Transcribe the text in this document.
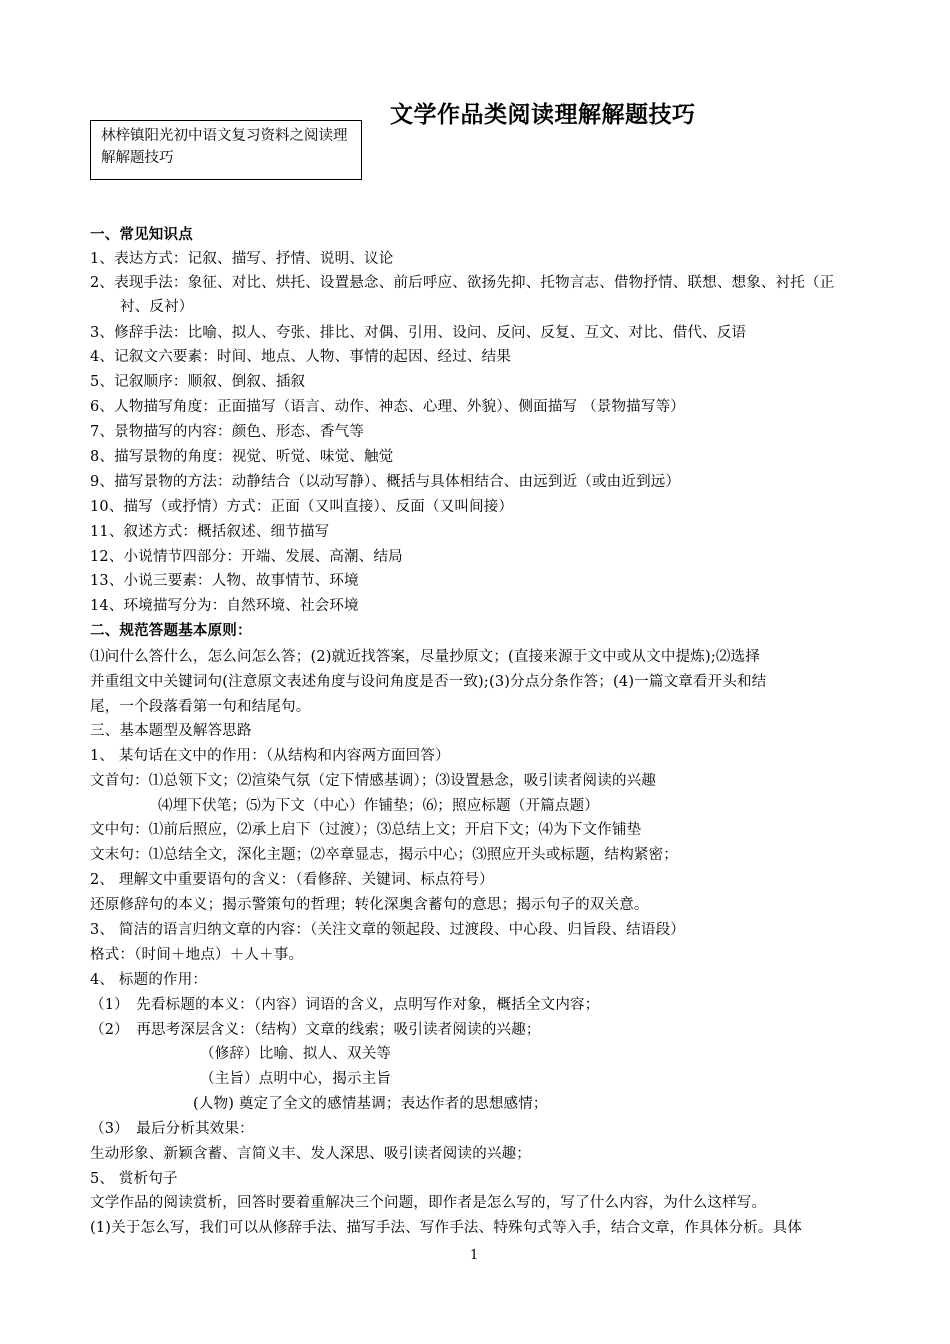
文学作品类阅读理解解题技巧
林梓镇阳光初中语文复习资料之阅读理解解题技巧
一、常见知识点
1、表达方式：记叙、描写、抒情、说明、议论
2、表现手法：象征、对比、烘托、设置悬念、前后呼应、欲扬先抑、托物言志、借物抒情、联想、想象、衬托（正
衬、反衬）
3、修辞手法：比喻、拟人、夸张、排比、对偶、引用、设问、反问、反复、互文、对比、借代、反语
4、记叙文六要素：时间、地点、人物、事情的起因、经过、结果
5、记叙顺序：顺叙、倒叙、插叙
6、人物描写角度：正面描写（语言、动作、神态、心理、外貌）、侧面描写 （景物描写等）
7、景物描写的内容：颜色、形态、香气等
8、描写景物的角度：视觉、听觉、味觉、触觉
9、描写景物的方法：动静结合（以动写静）、概括与具体相结合、由远到近（或由近到远）
10、描写（或抒情）方式：正面（又叫直接）、反面（又叫间接）
11、叙述方式：概括叙述、细节描写
12、小说情节四部分：开端、发展、高潮、结局
13、小说三要素：人物、故事情节、环境
14、环境描写分为：自然环境、社会环境
二、规范答题基本原则：
⑴问什么答什么，怎么问怎么答；(2)就近找答案，尽量抄原文；(直接来源于文中或从文中提炼);⑵选择
并重组文中关键词句(注意原文表述角度与设问角度是否一致);(3)分点分条作答；(4)一篇文章看开头和结
尾，一个段落看第一句和结尾句。
三、基本题型及解答思路
1、 某句话在文中的作用：（从结构和内容两方面回答）
文首句：⑴总领下文；⑵渲染气氛（定下情感基调）；⑶设置悬念，吸引读者阅读的兴趣
⑷埋下伏笔；⑸为下文（中心）作铺垫；⑹；照应标题（开篇点题）
文中句：⑴前后照应，⑵承上启下（过渡）；⑶总结上文；开启下文；⑷为下文作铺垫
文末句：⑴总结全文，深化主题；⑵卒章显志，揭示中心；⑶照应开头或标题，结构紧密；
2、 理解文中重要语句的含义：（看修辞、关键词、标点符号）
还原修辞句的本义；揭示警策句的哲理；转化深奥含蓄句的意思；揭示句子的双关意。
3、 简洁的语言归纳文章的内容：（关注文章的领起段、过渡段、中心段、归旨段、结语段）
格式：（时间＋地点）＋人＋事。
4、 标题的作用：
（1）　先看标题的本义：（内容）词语的含义，点明写作对象，概括全文内容；
（2）　再思考深层含义：（结构）文章的线索；吸引读者阅读的兴趣；
（修辞）比喻、拟人、双关等
（主旨）点明中心，揭示主旨
(人物) 奠定了全文的感情基调；表达作者的思想感情；
（3）　最后分析其效果：
生动形象、新颖含蓄、言简义丰、发人深思、吸引读者阅读的兴趣；
5、 赏析句子
文学作品的阅读赏析，回答时要着重解决三个问题，即作者是怎么写的，写了什么内容，为什么这样写。
(1)关于怎么写，我们可以从修辞手法、描写手法、写作手法、特殊句式等入手，结合文章，作具体分析。具体
1
